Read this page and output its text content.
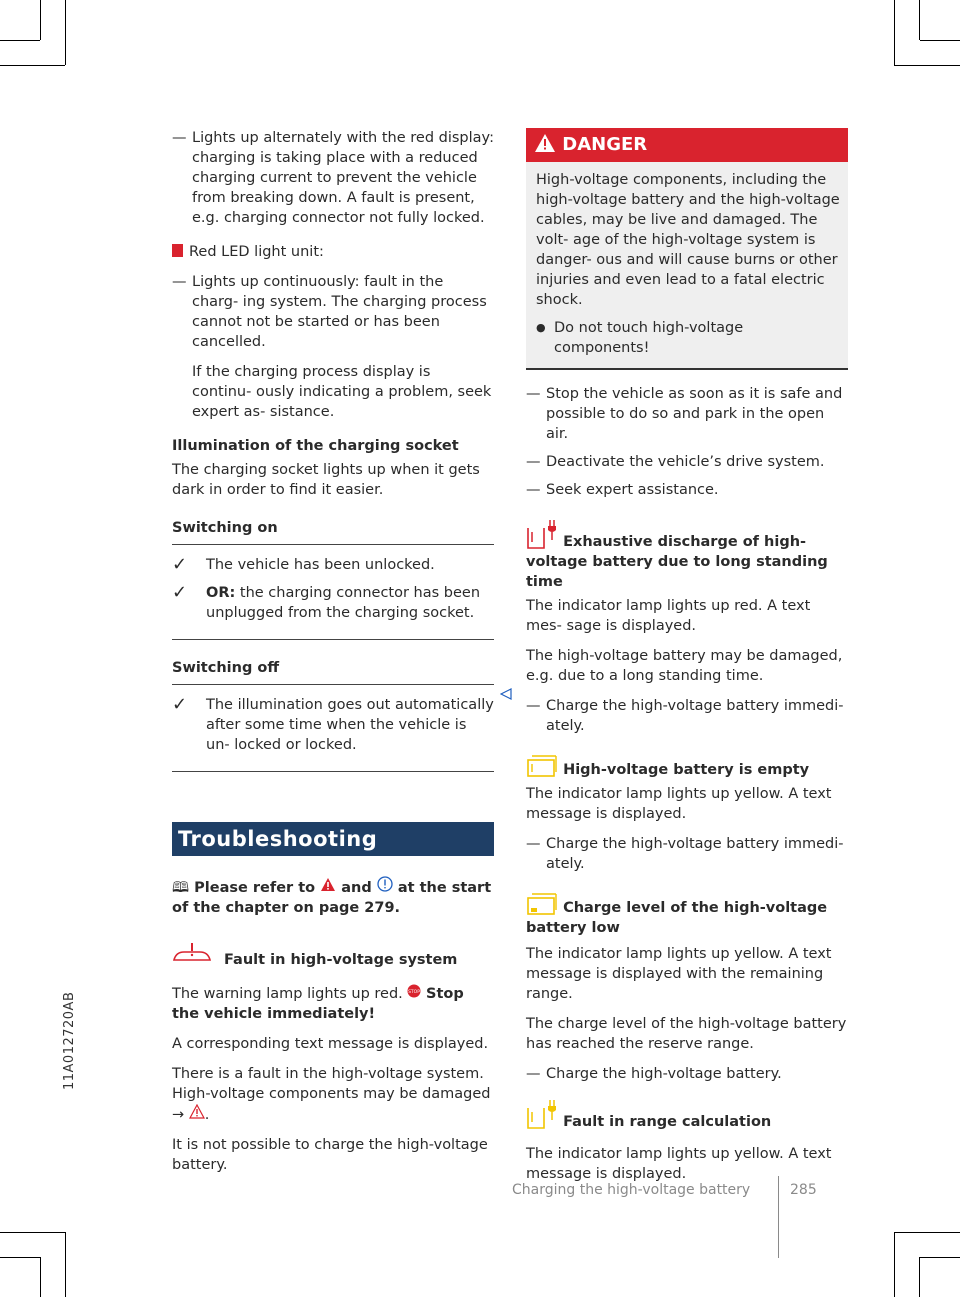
11A012720AB

— Lights up alternately with the red display: charging is taking place with a reduced charging current to prevent the vehicle from breaking down. A fault is present, e.g. charging connector not fully locked.

Red LED light unit:

— Lights up continuously: fault in the charg- ing system. The charging process cannot not be started or has been cancelled.

If the charging process display is continu- ously indicating a problem, seek expert as- sistance.

Illumination of the charging socket

The charging socket lights up when it gets dark in order to find it easier.

Switching on

✓ The vehicle has been unlocked.

✓ OR: the charging connector has been unplugged from the charging socket.

Switching off

✓ The illumination goes out automatically after some time when the vehicle is un- locked or locked.

Troubleshooting

🕮 Please refer to  and  at the start of the chapter on page 279.

Fault in high-voltage system

The warning lamp lights up red. STOP Stop the vehicle immediately!

A corresponding text message is displayed.

There is a fault in the high-voltage system. High-voltage components may be damaged
→ .

It is not possible to charge the high-voltage battery.

DANGER

High-voltage components, including the high-voltage battery and the high-voltage cables, may be live and damaged. The volt- age of the high-voltage system is danger- ous and will cause burns or other injuries and even lead to a fatal electric shock.

● Do not touch high-voltage components!

— Stop the vehicle as soon as it is safe and possible to do so and park in the open air.

— Deactivate the vehicle’s drive system.

— Seek expert assistance.

Exhaustive discharge of high-voltage battery due to long standing time

The indicator lamp lights up red. A text mes- sage is displayed.

The high-voltage battery may be damaged, e.g. due to a long standing time.

— Charge the high-voltage battery immedi- ately.

High-voltage battery is empty

The indicator lamp lights up yellow. A text message is displayed.

— Charge the high-voltage battery immedi- ately.

Charge level of the high-voltage battery low

The indicator lamp lights up yellow. A text message is displayed with the remaining range.

The charge level of the high-voltage battery has reached the reserve range.

— Charge the high-voltage battery.

Fault in range calculation

The indicator lamp lights up yellow. A text message is displayed.

Charging the high-voltage battery	285
